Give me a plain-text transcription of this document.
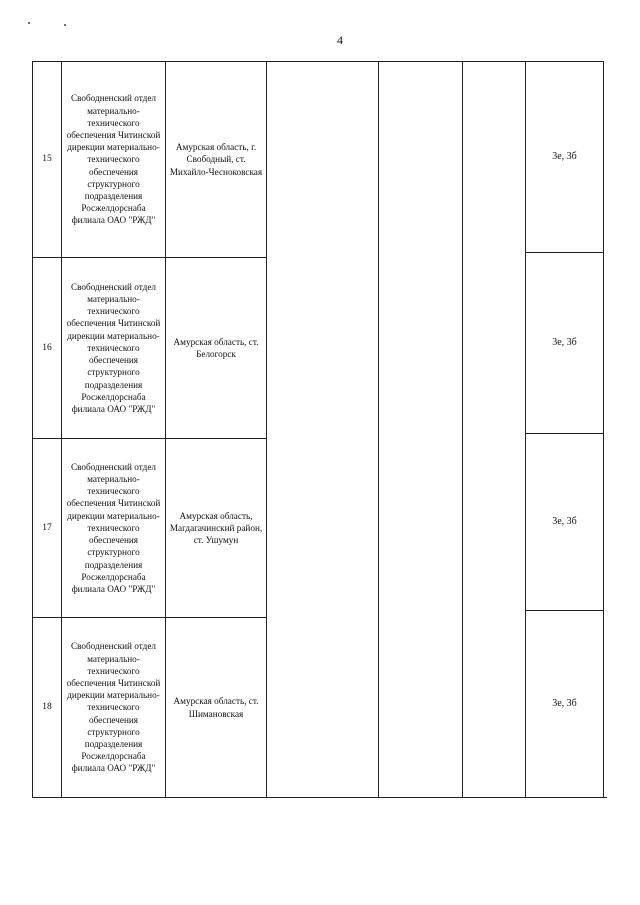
4
15
Свободненский отдел материально-технического обеспечения Читинской дирекции материально-технического обеспечения структурного подразделения Росжелдорснаба филиала ОАО "РЖД"
Амурская область, г. Свободный, ст. Михайло-Чесноковская
3е, 3б
16
Свободненский отдел материально-технического обеспечения Читинской дирекции материально-технического обеспечения структурного подразделения Росжелдорснаба филиала ОАО "РЖД"
Амурская область, ст. Белогорск
3е, 3б
17
Свободненский отдел материально-технического обеспечения Читинской дирекции материально-технического обеспечения структурного подразделения Росжелдорснаба филиала ОАО "РЖД"
Амурская область, Магдагачинский район, ст. Ушумун
3е, 3б
18
Свободненский отдел материально-технического обеспечения Читинской дирекции материально-технического обеспечения структурного подразделения Росжелдорснаба филиала ОАО "РЖД"
Амурская область, ст. Шимановская
3е, 3б
